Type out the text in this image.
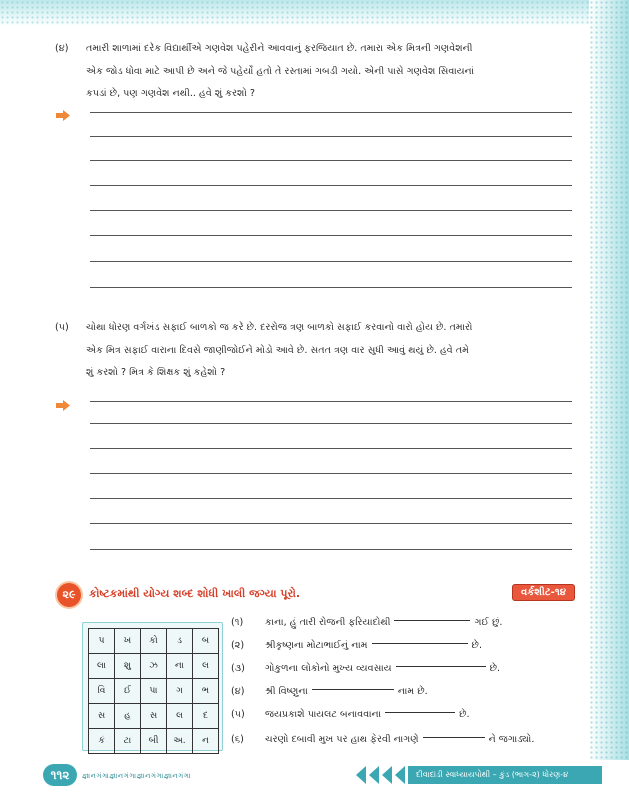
(૪) તમારી શાળામાં દરેક વિદ્યાર્થીએ ગણવેશ પહેરીને આવવાનું ફરજિયાત છે. તમારા એક મિત્રની ગણવેશની
એક જોડ ધોવા માટે આપી છે અને જે પહેર્યો હતો તે રસ્તામાં ગબડી ગયો. એની પાસે ગણવેશ સિવાયનાં
કપડાં છે, પણ ગણવેશ નથી.. હવે શું કરશો ?
(૫) ચોથા ધોરણ વર્ગખંડ સફાઈ બાળકો જ કરે છે. દરરોજ ત્રણ બાળકો સફાઈ કરવાનો વારો હોય છે. તમારો
એક મિત્ર સફાઈ વારાના દિવસે જાણીજોઈને મોડો આવે છે. સતત ત્રણ વાર સુધી આવું થયું છે. હવે તમે
શું કરશો ? મિત્ર કે શિક્ષક શું કહેશો ?
૨૯	કોષ્ટકમાંથી યોગ્ય શબ્દ શોધી ખાલી જગ્યા પૂરો.	વર્કશીટ-૧૪
પ	ખ	કો	ડ	બ
લા	શુ	ઝ	ના	લ
વિ	ઈ	પા	ગ	ભ
સ	હ	સ	લ	દ
કં	ટા	બી	અ.	ન
(૧) કાના, હું તારી રોજની ફરિયાદોથી	ગઈ છું.
(૨) શ્રીકૃષ્ણના મોટાભાઈનું નામ	છે.
(૩) ગોકુળના લોકોનો મુખ્ય વ્યવસાય	છે.
(૪) શ્રી વિષ્ણુના	નામ છે.
(૫) જયપ્રકાશે પાયલટ બનાવવાના	છે.
(૬) ચરણો દબાવી મુખ પર હાથ ફેરવી નાગણે	ને જગાડ્યો.
જ્ઞાનગંગાજ્ઞાનગંગાજ્ઞાનગંગાજ્ઞાનગંગા
૧૧૨	દીવાદાંડી સ્વાધ્યાયપોથી – કુંડ (ભાગ-૨) ધોરણ-૪
